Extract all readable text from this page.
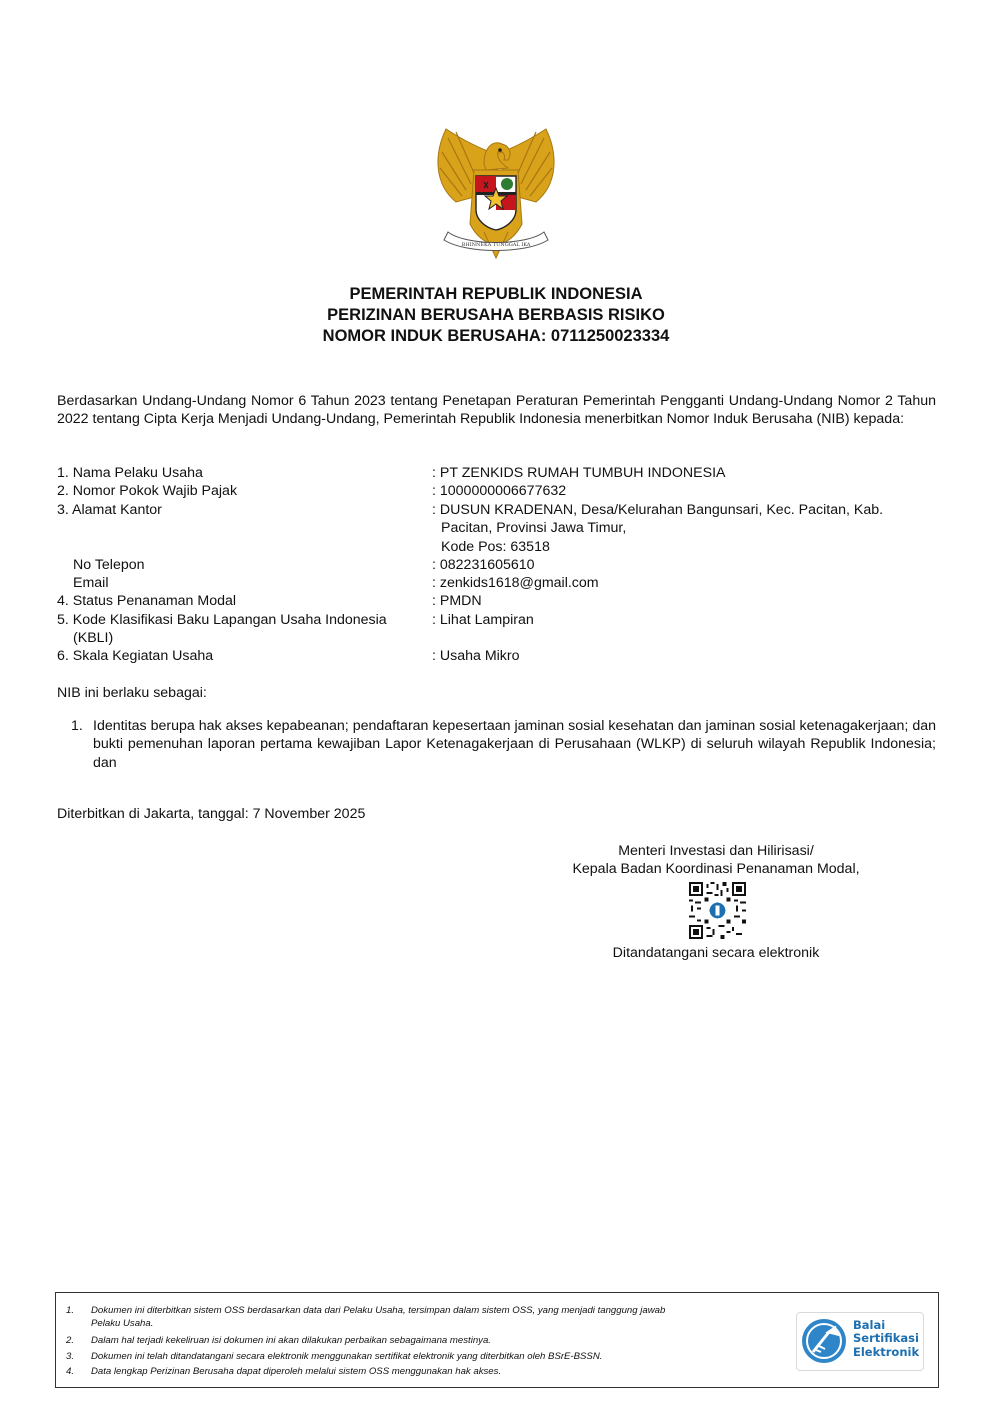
BHINNEKA TUNGGAL IKA
PEMERINTAH REPUBLIK INDONESIA
PERIZINAN BERUSAHA BERBASIS RISIKO
NOMOR INDUK BERUSAHA: 0711250023334
Berdasarkan Undang-Undang Nomor 6 Tahun 2023 tentang Penetapan Peraturan Pemerintah Pengganti Undang-Undang Nomor 2 Tahun 2022 tentang Cipta Kerja Menjadi Undang-Undang, Pemerintah Republik Indonesia menerbitkan Nomor Induk Berusaha (NIB) kepada:
1. Nama Pelaku Usaha	: PT ZENKIDS RUMAH TUMBUH INDONESIA
2. Nomor Pokok Wajib Pajak	: 1000000006677632
3. Alamat Kantor	: DUSUN KRADENAN, Desa/Kelurahan Bangunsari, Kec. Pacitan, Kab.
Pacitan, Provinsi Jawa Timur,
Kode Pos: 63518
No Telepon	: 082231605610
Email	: zenkids1618@gmail.com
4. Status Penanaman Modal	: PMDN
5. Kode Klasifikasi Baku Lapangan Usaha Indonesia
(KBLI)
: Lihat Lampiran
6. Skala Kegiatan Usaha	: Usaha Mikro
NIB ini berlaku sebagai:
1. Identitas berupa hak akses kepabeanan; pendaftaran kepesertaan jaminan sosial kesehatan dan jaminan sosial ketenagakerjaan; dan bukti pemenuhan laporan pertama kewajiban Lapor Ketenagakerjaan di Perusahaan (WLKP) di seluruh wilayah Republik Indonesia; dan
Diterbitkan di Jakarta, tanggal: 7 November 2025
Menteri Investasi dan Hilirisasi/
Kepala Badan Koordinasi Penanaman Modal,
Ditandatangani secara elektronik
1. Dokumen ini diterbitkan sistem OSS berdasarkan data dari Pelaku Usaha, tersimpan dalam sistem OSS, yang menjadi tanggung jawab
Pelaku Usaha.
2. Dalam hal terjadi kekeliruan isi dokumen ini akan dilakukan perbaikan sebagaimana mestinya.
3. Dokumen ini telah ditandatangani secara elektronik menggunakan sertifikat elektronik yang diterbitkan oleh BSrE-BSSN.
4. Data lengkap Perizinan Berusaha dapat diperoleh melalui sistem OSS menggunakan hak akses.
Balai
Sertifikasi
Elektronik
